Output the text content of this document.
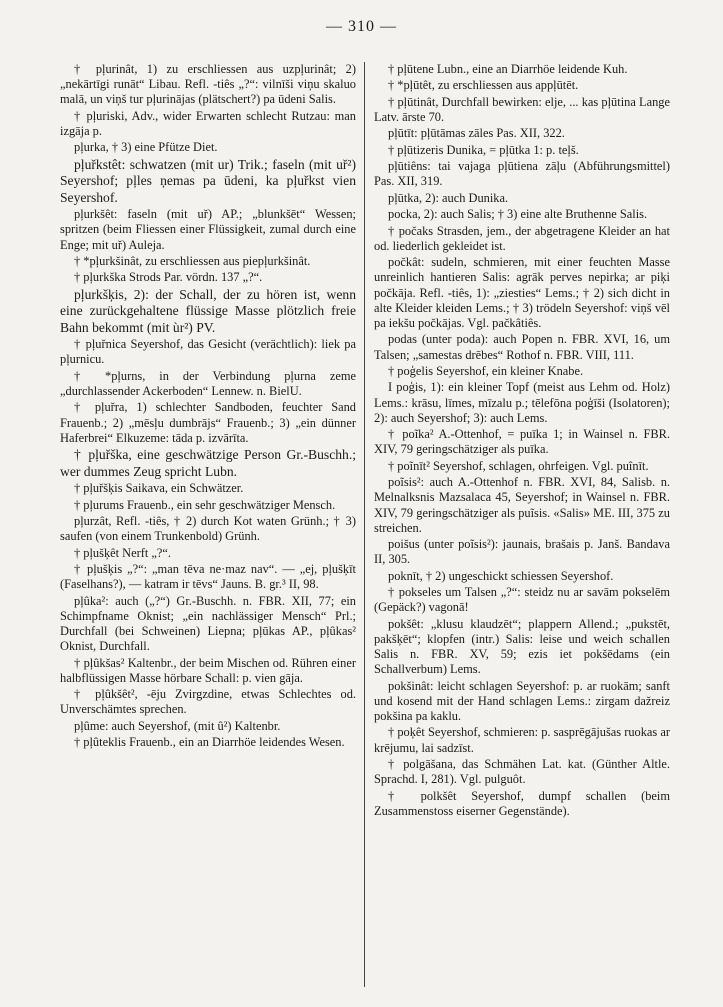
— 310 —

† pļurinât, 1) zu erschliessen aus uzpļurinât; 2) „nekārtīgi runāt“ Libau. Refl. -tiês „?“: vilnīši viņu skaluo malā, un viņš tur pļurinājas (plätschert?) pa ūdeni Salis.

† pļuriski, Adv., wider Erwarten schlecht Rutzau: man izgāja p.

pļurka, † 3) eine Pfütze Diet.

pļuřkstêt: schwatzen (mit ur) Trik.; faseln (mit uř²) Seyershof; pļles ņemas pa ūdeni, ka pļuřkst vien Seyershof.

pļurkšêt: faseln (mit uř) AP.; „blunkšēt“ Wessen; spritzen (beim Fliessen einer Flüssigkeit, zumal durch eine Enge; mit uř) Auleja.

† *pļurkšinât, zu erschliessen aus piepļurkšinât.

† pļurkška Strods Par. vördn. 137 „?“.

pļurkšķis, 2): der Schall, der zu hören ist, wenn eine zurückgehaltene flüssige Masse plötzlich freie Bahn bekommt (mit ùr²) PV.

† pļuřnica Seyershof, das Gesicht (verächtlich): liek pa pļurnicu.

† *pļurns, in der Verbindung pļurna zeme „durchlassender Ackerboden“ Lennew. n. BielU.

† pļuřra, 1) schlechter Sandboden, feuchter Sand Frauenb.; 2) „mēsļu dumbrājs“ Frauenb.; 3) „ein dünner Haferbrei“ Elkuzeme: tāda p. izvārīta.

† pļuřška, eine geschwätzige Person Gr.-Buschh.; wer dummes Zeug spricht Lubn.

† pļuřšķis Saikava, ein Schwätzer.

† pļurums Frauenb., ein sehr geschwätziger Mensch.

pļurzât, Refl. -tiês, † 2) durch Kot waten Grünh.; † 3) saufen (von einem Trunkenbold) Grünh.

† pļušķêt Nerft „?“.

† pļušķis „?“: „man tēva ne·maz nav“. — „ej, pļušķīt (Faselhans?), — katram ir tēvs“ Jauns. B. gr.³ II, 98.

pļûka²: auch („?“) Gr.-Buschh. n. FBR. XII, 77; ein Schimpfname Oknist; „ein nachlässiger Mensch“ Prl.; Durchfall (bei Schweinen) Liepna; pļūkas AP., pļûkas² Oknist, Durchfall.

† pļûkšas² Kaltenbr., der beim Mischen od. Rühren einer halbflüssigen Masse hörbare Schall: p. vien gāja.

† pļûkšêt², -ēju Zvirgzdine, etwas Schlechtes od. Unverschämtes sprechen.

pļûme: auch Seyershof, (mit û²) Kaltenbr.

† pļûteklis Frauenb., ein an Diarrhöe leidendes Wesen.

† pļūtene Lubn., eine an Diarrhöe leidende Kuh.

† *pļūtêt, zu erschliessen aus appļūtēt.

† pļūtinât, Durchfall bewirken: elje, ... kas pļūtina Lange Latv. ārste 70.

pļūtīt: pļūtāmas zāles Pas. XII, 322.

† pļūtizeris Dunika, = pļūtka 1: p. teļš.

pļūtiêns: tai vajaga pļūtiena zāļu (Abführungsmittel) Pas. XII, 319.

pļūtka, 2): auch Dunika.

pocka, 2): auch Salis; † 3) eine alte Bruthenne Salis.

† počaks Strasden, jem., der abgetragene Kleider an hat od. liederlich gekleidet ist.

počkât: sudeln, schmieren, mit einer feuchten Masse unreinlich hantieren Salis: agrāk perves nepirka; ar piķi počkāja. Refl. -tiês, 1): „ziesties“ Lems.; † 2) sich dicht in alte Kleider kleiden Lems.; † 3) trödeln Seyershof: viņš vēl pa iekšu počkājas. Vgl. pačkâtiês.

podas (unter poda): auch Popen n. FBR. XVI, 16, um Talsen; „samestas drēbes“ Rothof n. FBR. VIII, 111.

† poģelis Seyershof, ein kleiner Knabe.

I poģis, 1): ein kleiner Topf (meist aus Lehm od. Holz) Lems.: krāsu, līmes, mīzalu p.; tēlefōna poģīši (Isolatoren); 2): auch Seyershof; 3): auch Lems.

† poĩka² A.-Ottenhof, = puīka 1; in Wainsel n. FBR. XIV, 79 geringschätziger als puīka.

† poĩnīt² Seyershof, schlagen, ohrfeigen. Vgl. puînīt.

poĩsis²: auch A.-Ottenhof n. FBR. XVI, 84, Salisb. n. Melnalksnis Mazsalaca 45, Seyershof; in Wainsel n. FBR. XIV, 79 geringschätziger als puĩsis. «Salis» ME. III, 375 zu streichen.

poišus (unter poĩsis²): jaunais, brašais p. Janš. Bandava II, 305.

poknīt, † 2) ungeschickt schiessen Seyershof.

† pokseles um Talsen „?“: steidz nu ar savām pokselēm (Gepäck?) vagonā!

pokšêt: „klusu klaudzēt“; plappern Allend.; „pukstēt, pakšķēt“; klopfen (intr.) Salis: leise und weich schallen Salis n. FBR. XV, 59; ezis iet pokšēdams (ein Schallverbum) Lems.

pokšinât: leicht schlagen Seyershof: p. ar ruokām; sanft und kosend mit der Hand schlagen Lems.: zirgam dažreiz pokšina pa kaklu.

† poķêt Seyershof, schmieren: p. sasprēgājušas ruokas ar krējumu, lai sadzīst.

† polgāšana, das Schmähen Lat. kat. (Günther Altle. Sprachd. I, 281). Vgl. pulguôt.

† polkšêt Seyershof, dumpf schallen (beim Zusammenstoss eiserner Gegenstände).
